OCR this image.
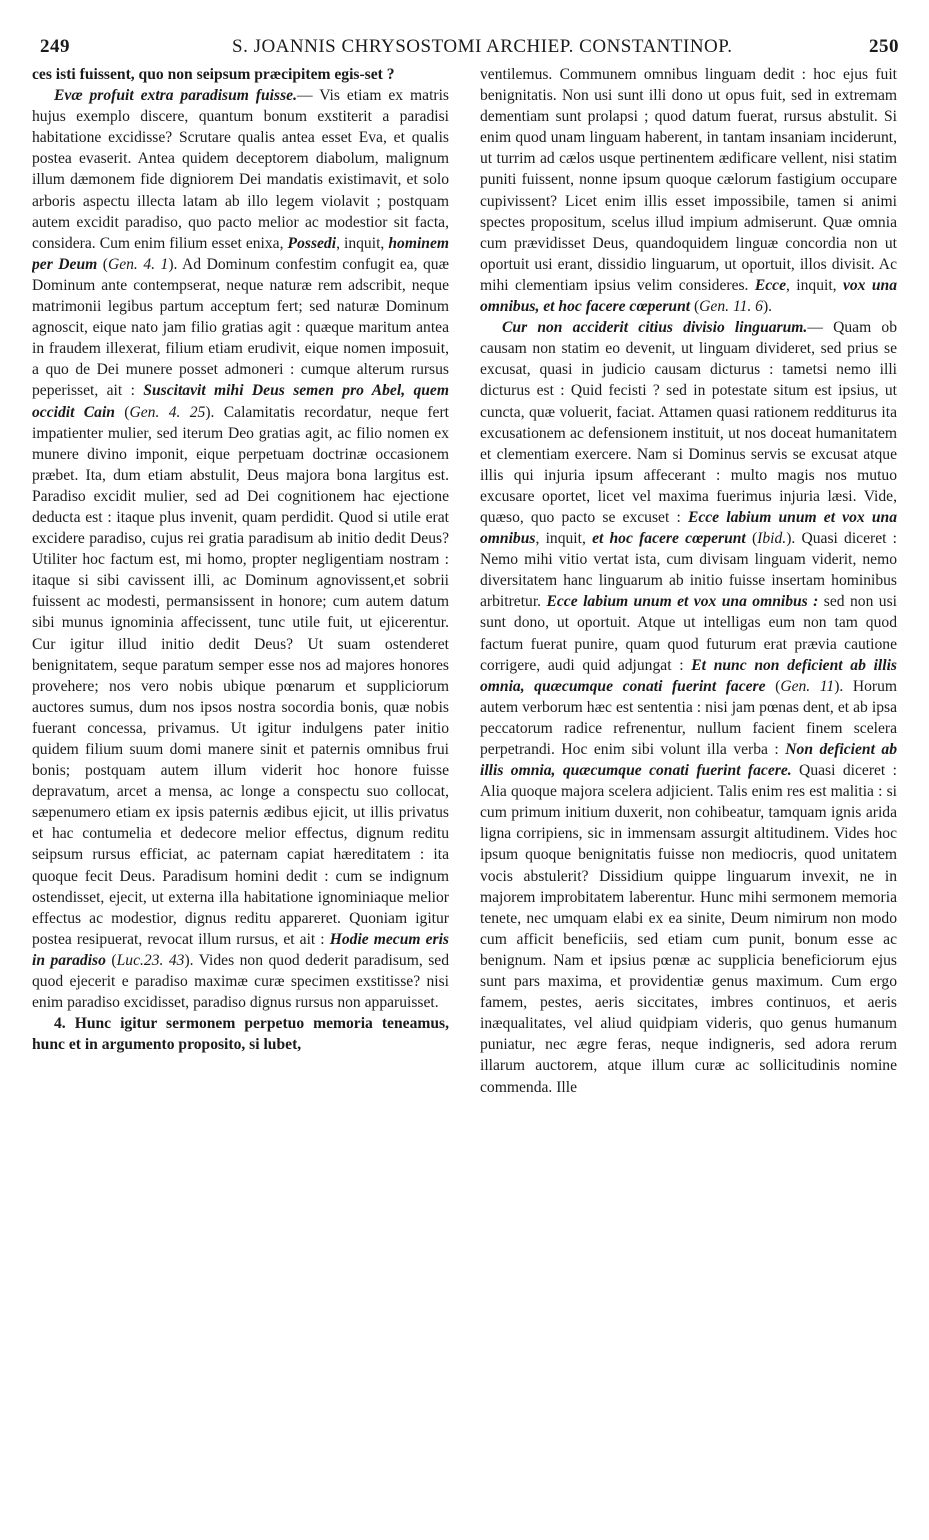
249	S. JOANNIS CHRYSOSTOMI ARCHIEP. CONSTANTINOP.	250

ces isti fuissent, quo non seipsum præcipitem egis-set ?

Evæ profuit extra paradisum fuisse.— Vis etiam ex matris hujus exemplo discere, quantum bonum exstiterit a paradisi habitatione excidisse? Scrutare qualis antea esset Eva, et qualis postea evaserit. Antea quidem deceptorem diabolum, malignum illum dæmonem fide digniorem Dei mandatis existimavit, et solo arboris aspectu illecta latam ab illo legem violavit ; postquam autem excidit paradiso, quo pacto melior ac modestior sit facta, considera. Cum enim filium esset enixa, Possedi, inquit, hominem per Deum (Gen. 4. 1). Ad Dominum confestim confugit ea, quæ Dominum ante contempserat, neque naturæ rem adscribit, neque matrimonii legibus partum acceptum fert; sed naturæ Dominum agnoscit, eique nato jam filio gratias agit : quæque maritum antea in fraudem illexerat, filium etiam erudivit, eique nomen imposuit, a quo de Dei munere posset admoneri : cumque alterum rursus peperisset, ait : Suscitavit mihi Deus semen pro Abel, quem occidit Cain (Gen. 4. 25). Calamitatis recordatur, neque fert impatienter mulier, sed iterum Deo gratias agit, ac filio nomen ex munere divino imponit, eique perpetuam doctrinæ occasionem præbet. Ita, dum etiam abstulit, Deus majora bona largitus est. Paradiso excidit mulier, sed ad Dei cognitionem hac ejectione deducta est : itaque plus invenit, quam perdidit. Quod si utile erat excidere paradiso, cujus rei gratia paradisum ab initio dedit Deus? Utiliter hoc factum est, mi homo, propter negligentiam nostram : itaque si sibi cavissent illi, ac Dominum agnovissent,et sobrii fuissent ac modesti, permansissent in honore; cum autem datum sibi munus ignominia affecissent, tunc utile fuit, ut ejicerentur. Cur igitur illud initio dedit Deus? Ut suam ostenderet benignitatem, seque paratum semper esse nos ad majores honores provehere; nos vero nobis ubique pœnarum et suppliciorum auctores sumus, dum nos ipsos nostra socordia bonis, quæ nobis fuerant concessa, privamus. Ut igitur indulgens pater initio quidem filium suum domi manere sinit et paternis omnibus frui bonis; postquam autem illum viderit hoc honore fuisse depravatum, arcet a mensa, ac longe a conspectu suo collocat, sæpenumero etiam ex ipsis paternis ædibus ejicit, ut illis privatus et hac contumelia et dedecore melior effectus, dignum reditu seipsum rursus efficiat, ac paternam capiat hæreditatem : ita quoque fecit Deus. Paradisum homini dedit : cum se indignum ostendisset, ejecit, ut externa illa habitatione ignominiaque melior effectus ac modestior, dignus reditu appareret. Quoniam igitur postea resipuerat, revocat illum rursus, et ait : Hodie mecum eris in paradiso (Luc.23. 43). Vides non quod dederit paradisum, sed quod ejecerit e paradiso maximæ curæ specimen exstitisse? nisi enim paradiso excidisset, paradiso dignus rursus non apparuisset.

4. Hunc igitur sermonem perpetuo memoria teneamus, hunc et in argumento proposito, si lubet,

ventilemus. Communem omnibus linguam dedit : hoc ejus fuit benignitatis. Non usi sunt illi dono ut opus fuit, sed in extremam dementiam sunt prolapsi ; quod datum fuerat, rursus abstulit. Si enim quod unam linguam haberent, in tantam insaniam inciderunt, ut turrim ad cælos usque pertinentem ædificare vellent, nisi statim puniti fuissent, nonne ipsum quoque cælorum fastigium occupare cupivissent? Licet enim illis esset impossibile, tamen si animi spectes propositum, scelus illud impium admiserunt. Quæ omnia cum prævidisset Deus, quandoquidem linguæ concordia non ut oportuit usi erant, dissidio linguarum, ut oportuit, illos divisit. Ac mihi clementiam ipsius velim consideres. Ecce, inquit, vox una omnibus, et hoc facere cœperunt (Gen. 11. 6).

Cur non acciderit citius divisio linguarum.— Quam ob causam non statim eo devenit, ut linguam divideret, sed prius se excusat, quasi in judicio causam dicturus : tametsi nemo illi dicturus est : Quid fecisti ? sed in potestate situm est ipsius, ut cuncta, quæ voluerit, faciat. Attamen quasi rationem redditurus ita excusationem ac defensionem instituit, ut nos doceat humanitatem et clementiam exercere. Nam si Dominus servis se excusat atque illis qui injuria ipsum affecerant : multo magis nos mutuo excusare oportet, licet vel maxima fuerimus injuria læsi. Vide, quæso, quo pacto se excuset : Ecce labium unum et vox una omnibus, inquit, et hoc facere cœperunt (Ibid.). Quasi diceret : Nemo mihi vitio vertat ista, cum divisam linguam viderit, nemo diversitatem hanc linguarum ab initio fuisse insertam hominibus arbitretur. Ecce labium unum et vox una omnibus : sed non usi sunt dono, ut oportuit. Atque ut intelligas eum non tam quod factum fuerat punire, quam quod futurum erat prævia cautione corrigere, audi quid adjungat : Et nunc non deficient ab illis omnia, quæcumque conati fuerint facere (Gen. 11). Horum autem verborum hæc est sententia : nisi jam pœnas dent, et ab ipsa peccatorum radice refrenentur, nullum facient finem scelera perpetrandi. Hoc enim sibi volunt illa verba : Non deficient ab illis omnia, quæcumque conati fuerint facere. Quasi diceret : Alia quoque majora scelera adjicient. Talis enim res est malitia : si cum primum initium duxerit, non cohibeatur, tamquam ignis arida ligna corripiens, sic in immensam assurgit altitudinem. Vides hoc ipsum quoque benignitatis fuisse non mediocris, quod unitatem vocis abstulerit? Dissidium quippe linguarum invexit, ne in majorem improbitatem laberentur. Hunc mihi sermonem memoria tenete, nec umquam elabi ex ea sinite, Deum nimirum non modo cum afficit beneficiis, sed etiam cum punit, bonum esse ac benignum. Nam et ipsius pœnæ ac supplicia beneficiorum ejus sunt pars maxima, et providentiæ genus maximum. Cum ergo famem, pestes, aeris siccitates, imbres continuos, et aeris inæqualitates, vel aliud quidpiam videris, quo genus humanum puniatur, nec ægre feras, neque indigneris, sed adora rerum illarum auctorem, atque illum curæ ac sollicitudinis nomine commenda. Ille
